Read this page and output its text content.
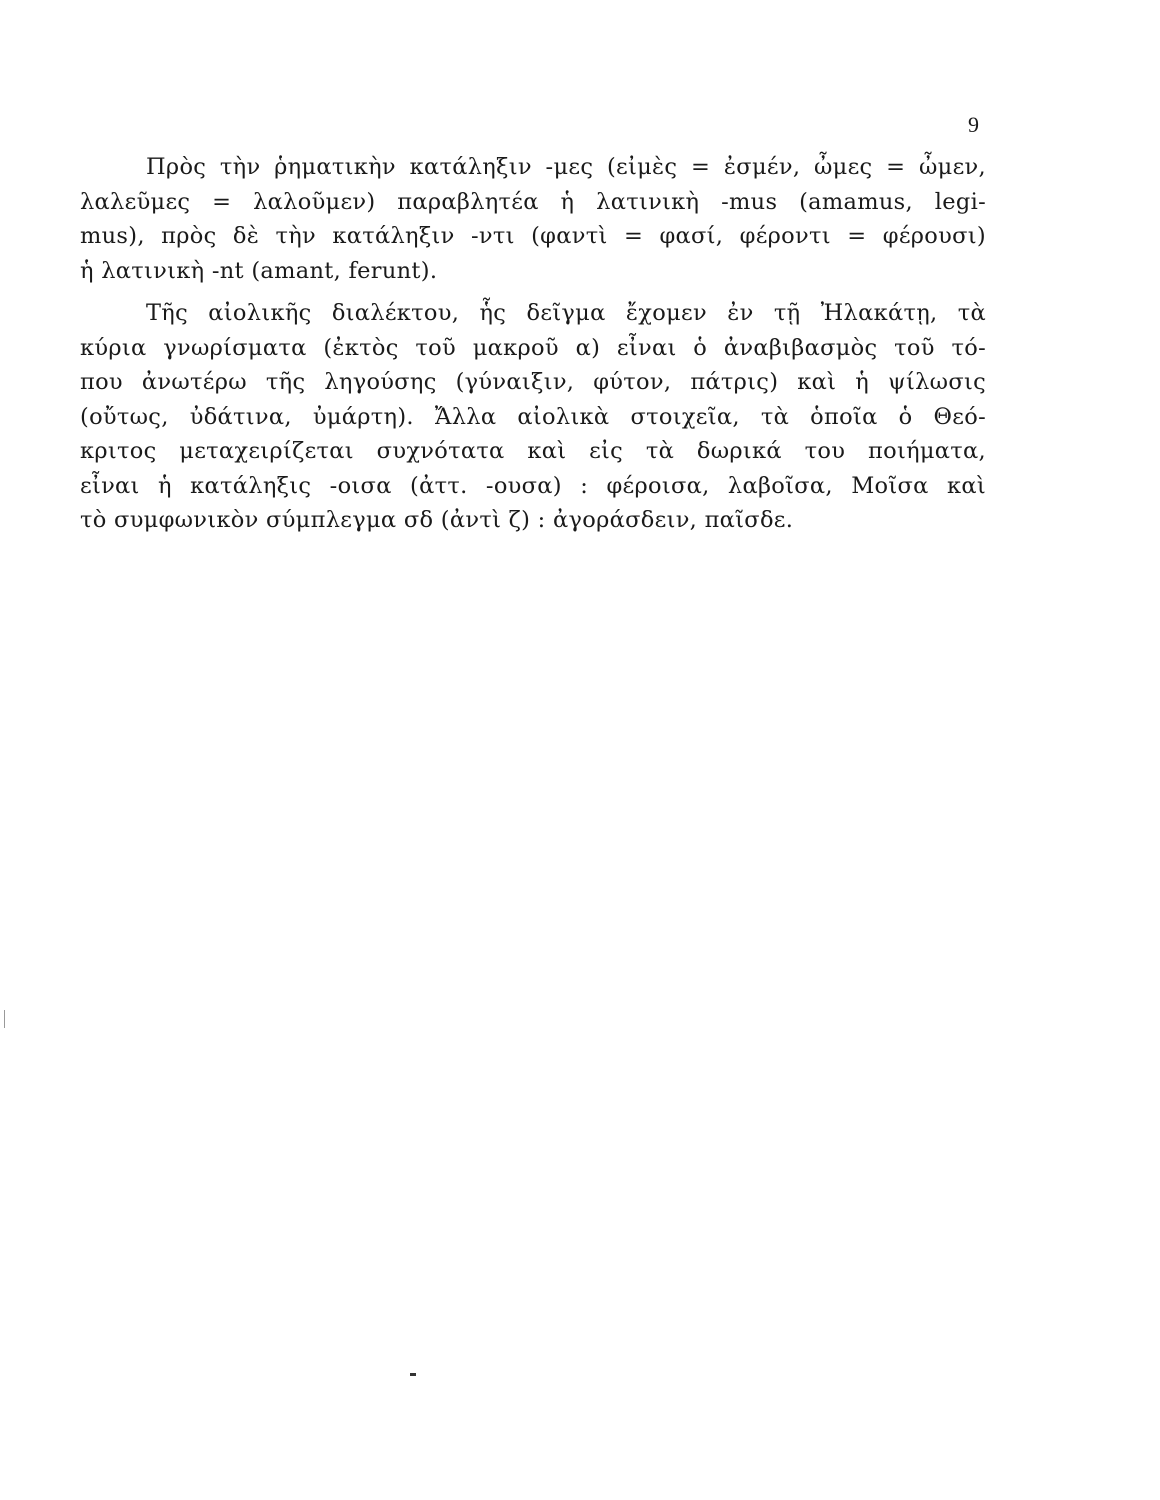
9
Πρὸς τὴν ῥηματικὴν κατάληξιν -μες (εἰμὲς = ἐσμέν, ὦμες = ὦμεν,
λαλεῦμες = λαλοῦμεν) παραβλητέα ἡ λατινικὴ -mus (amamus, legi-
mus), πρὸς δὲ τὴν κατάληξιν -ντι (φαντὶ = φασί, φέροντι = φέρουσι)
ἡ λατινικὴ -nt (amant, ferunt).
Τῆς αἰολικῆς διαλέκτου, ἧς δεῖγμα ἔχομεν ἐν τῇ Ἠλακάτῃ, τὰ
κύρια γνωρίσματα (ἐκτὸς τοῦ μακροῦ α) εἶναι ὁ ἀναβιβασμὸς τοῦ τό-
που ἀνωτέρω τῆς ληγούσης (γύναιξιν, φύτον, πάτρις) καὶ ἡ ψίλωσις
(οὔτως, ὐδάτινα, ὐμάρτη). Ἄλλα αἰολικὰ στοιχεῖα, τὰ ὁποῖα ὁ Θεό-
κριτος μεταχειρίζεται συχνότατα καὶ εἰς τὰ δωρικά του ποιήματα,
εἶναι ἡ κατάληξις -οισα (ἀττ. -ουσα) : φέροισα, λαβοῖσα, Μοῖσα καὶ
τὸ συμφωνικὸν σύμπλεγμα σδ (ἀντὶ ζ) : ἀγοράσδειν, παῖσδε.
